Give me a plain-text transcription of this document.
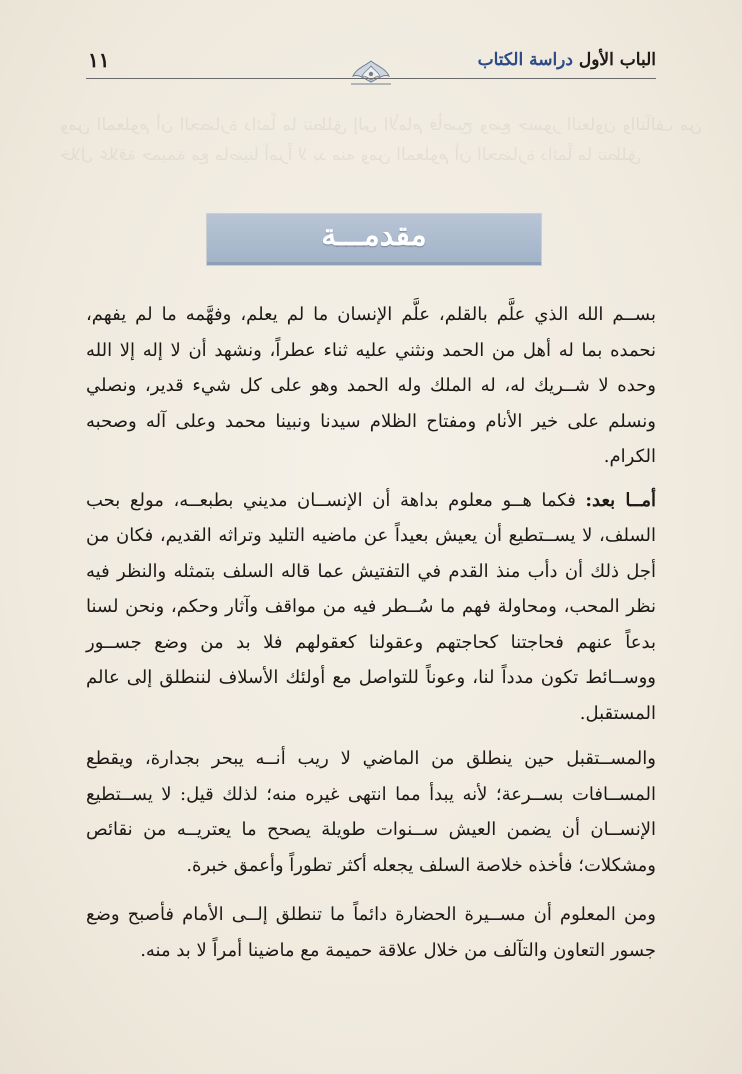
ومن المعلوم أن الحضارة دائماً ما تنطلق إلى الأمام فأصبح وضع جسور التعاون والتآلف من خلال علاقة حميمة مع ماضينا أمراً لا بد منه ومن المعلوم أن الحضارة دائماً ما تنطلق
الباب الأول دراسة الكتاب
١١
مقدمـــة

بســم الله الذي علَّم بالقلم، علَّم الإنسان ما لم يعلم، وفهَّمه ما لم يفهم، نحمده بما له أهل من الحمد ونثني عليه ثناء عطراً، ونشهد أن لا إله إلا الله وحده لا شــريك له، له الملك وله الحمد وهو على كل شيء قدير، ونصلي ونسلم على خير الأنام ومفتاح الظلام سيدنا ونبينا محمد وعلى آله وصحبه الكرام.

أمــا بعد: فكما هــو معلوم بداهة أن الإنســان مديني بطبعــه، مولع بحب السلف، لا يســتطيع أن يعيش بعيداً عن ماضيه التليد وتراثه القديم، فكان من أجل ذلك أن دأب منذ القدم في التفتيش عما قاله السلف بتمثله والنظر فيه نظر المحب، ومحاولة فهم ما سُــطر فيه من مواقف وآثار وحكم، ونحن لسنا بدعاً عنهم فحاجتنا كحاجتهم وعقولنا كعقولهم فلا بد من وضع جســور ووســائط تكون مدداً لنا، وعوناً للتواصل مع أولئك الأسلاف لننطلق إلى عالم المستقبل.

والمســتقبل حين ينطلق من الماضي لا ريب أنــه يبحر بجدارة، ويقطع المســافات بســرعة؛ لأنه يبدأ مما انتهى غيره منه؛ لذلك قيل: لا يســتطيع الإنســان أن يضمن العيش ســنوات طويلة يصحح ما يعتريــه من نقائص ومشكلات؛ فأخذه خلاصة السلف يجعله أكثر تطوراً وأعمق خبرة.

ومن المعلوم أن مســيرة الحضارة دائماً ما تنطلق إلــى الأمام فأصبح وضع جسور التعاون والتآلف من خلال علاقة حميمة مع ماضينا أمراً لا بد منه.
